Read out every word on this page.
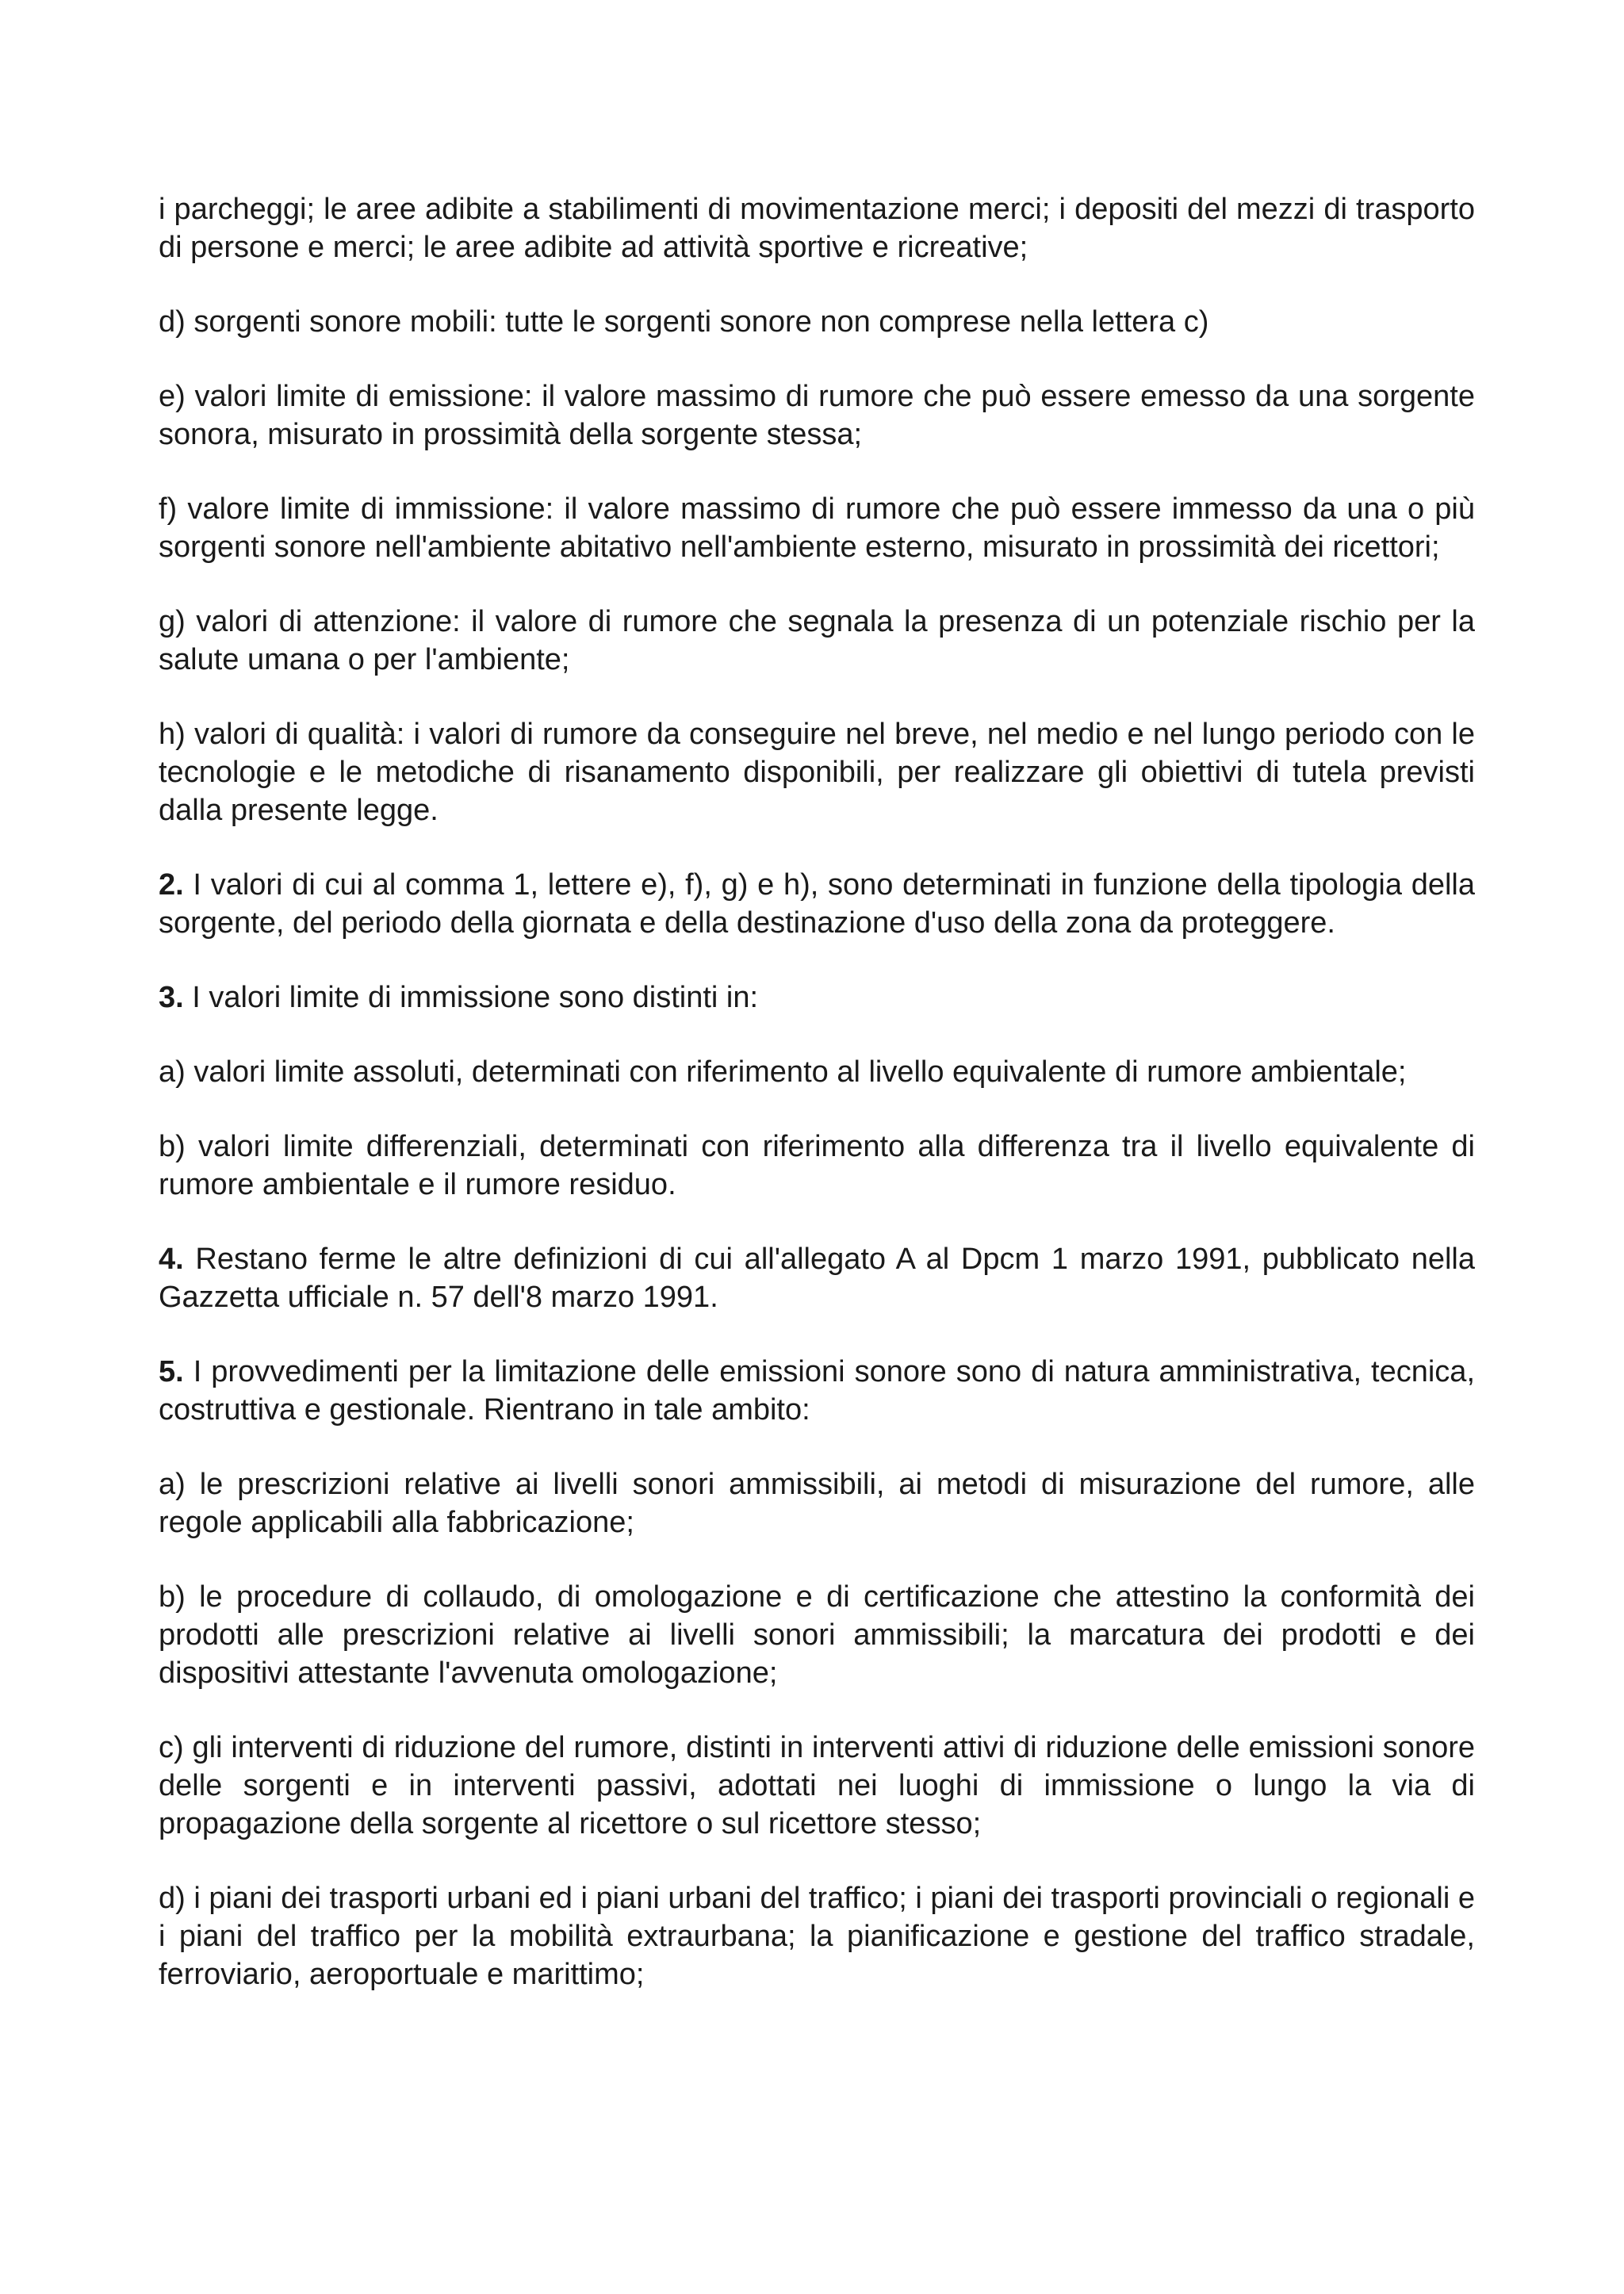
i parcheggi; le aree adibite a stabilimenti di movimentazione merci; i depositi del mezzi di trasporto di persone e merci; le aree adibite ad attività sportive e ricreative;

d) sorgenti sonore mobili: tutte le sorgenti sonore non comprese nella lettera c)

e) valori limite di emissione: il valore massimo di rumore che può essere emesso da una sorgente sonora, misurato in prossimità della sorgente stessa;

f) valore limite di immissione: il valore massimo di rumore che può essere immesso da una o più sorgenti sonore nell'ambiente abitativo nell'ambiente esterno, misurato in prossimità dei ricettori;

g) valori di attenzione: il valore di rumore che segnala la presenza di un potenziale rischio per la salute umana o per l'ambiente;

h) valori di qualità: i valori di rumore da conseguire nel breve, nel medio e nel lungo periodo con le tecnologie e le metodiche di risanamento disponibili, per realizzare gli obiettivi di tutela previsti dalla presente legge.

2. I valori di cui al comma 1, lettere e), f), g) e h), sono determinati in funzione della tipologia della sorgente, del periodo della giornata e della destinazione d'uso della zona da proteggere.

3. I valori limite di immissione sono distinti in:

a) valori limite assoluti, determinati con riferimento al livello equivalente di rumore ambientale;

b) valori limite differenziali, determinati con riferimento alla differenza tra il livello equivalente di rumore ambientale e il rumore residuo.

4. Restano ferme le altre definizioni di cui all'allegato A al Dpcm 1 marzo 1991, pubblicato nella Gazzetta ufficiale n. 57 dell'8 marzo 1991.

5. I provvedimenti per la limitazione delle emissioni sonore sono di natura amministrativa, tecnica, costruttiva e gestionale. Rientrano in tale ambito:

a) le prescrizioni relative ai livelli sonori ammissibili, ai metodi di misurazione del rumore, alle regole applicabili alla fabbricazione;

b) le procedure di collaudo, di omologazione e di certificazione che attestino la conformità dei prodotti alle prescrizioni relative ai livelli sonori ammissibili; la marcatura dei prodotti e dei dispositivi attestante l'avvenuta omologazione;

c) gli interventi di riduzione del rumore, distinti in interventi attivi di riduzione delle emissioni sonore delle sorgenti e in interventi passivi, adottati nei luoghi di immissione o lungo la via di propagazione della sorgente al ricettore o sul ricettore stesso;

d) i piani dei trasporti urbani ed i piani urbani del traffico; i piani dei trasporti provinciali o regionali e i piani del traffico per la mobilità extraurbana; la pianificazione e gestione del traffico stradale, ferroviario, aeroportuale e marittimo;
